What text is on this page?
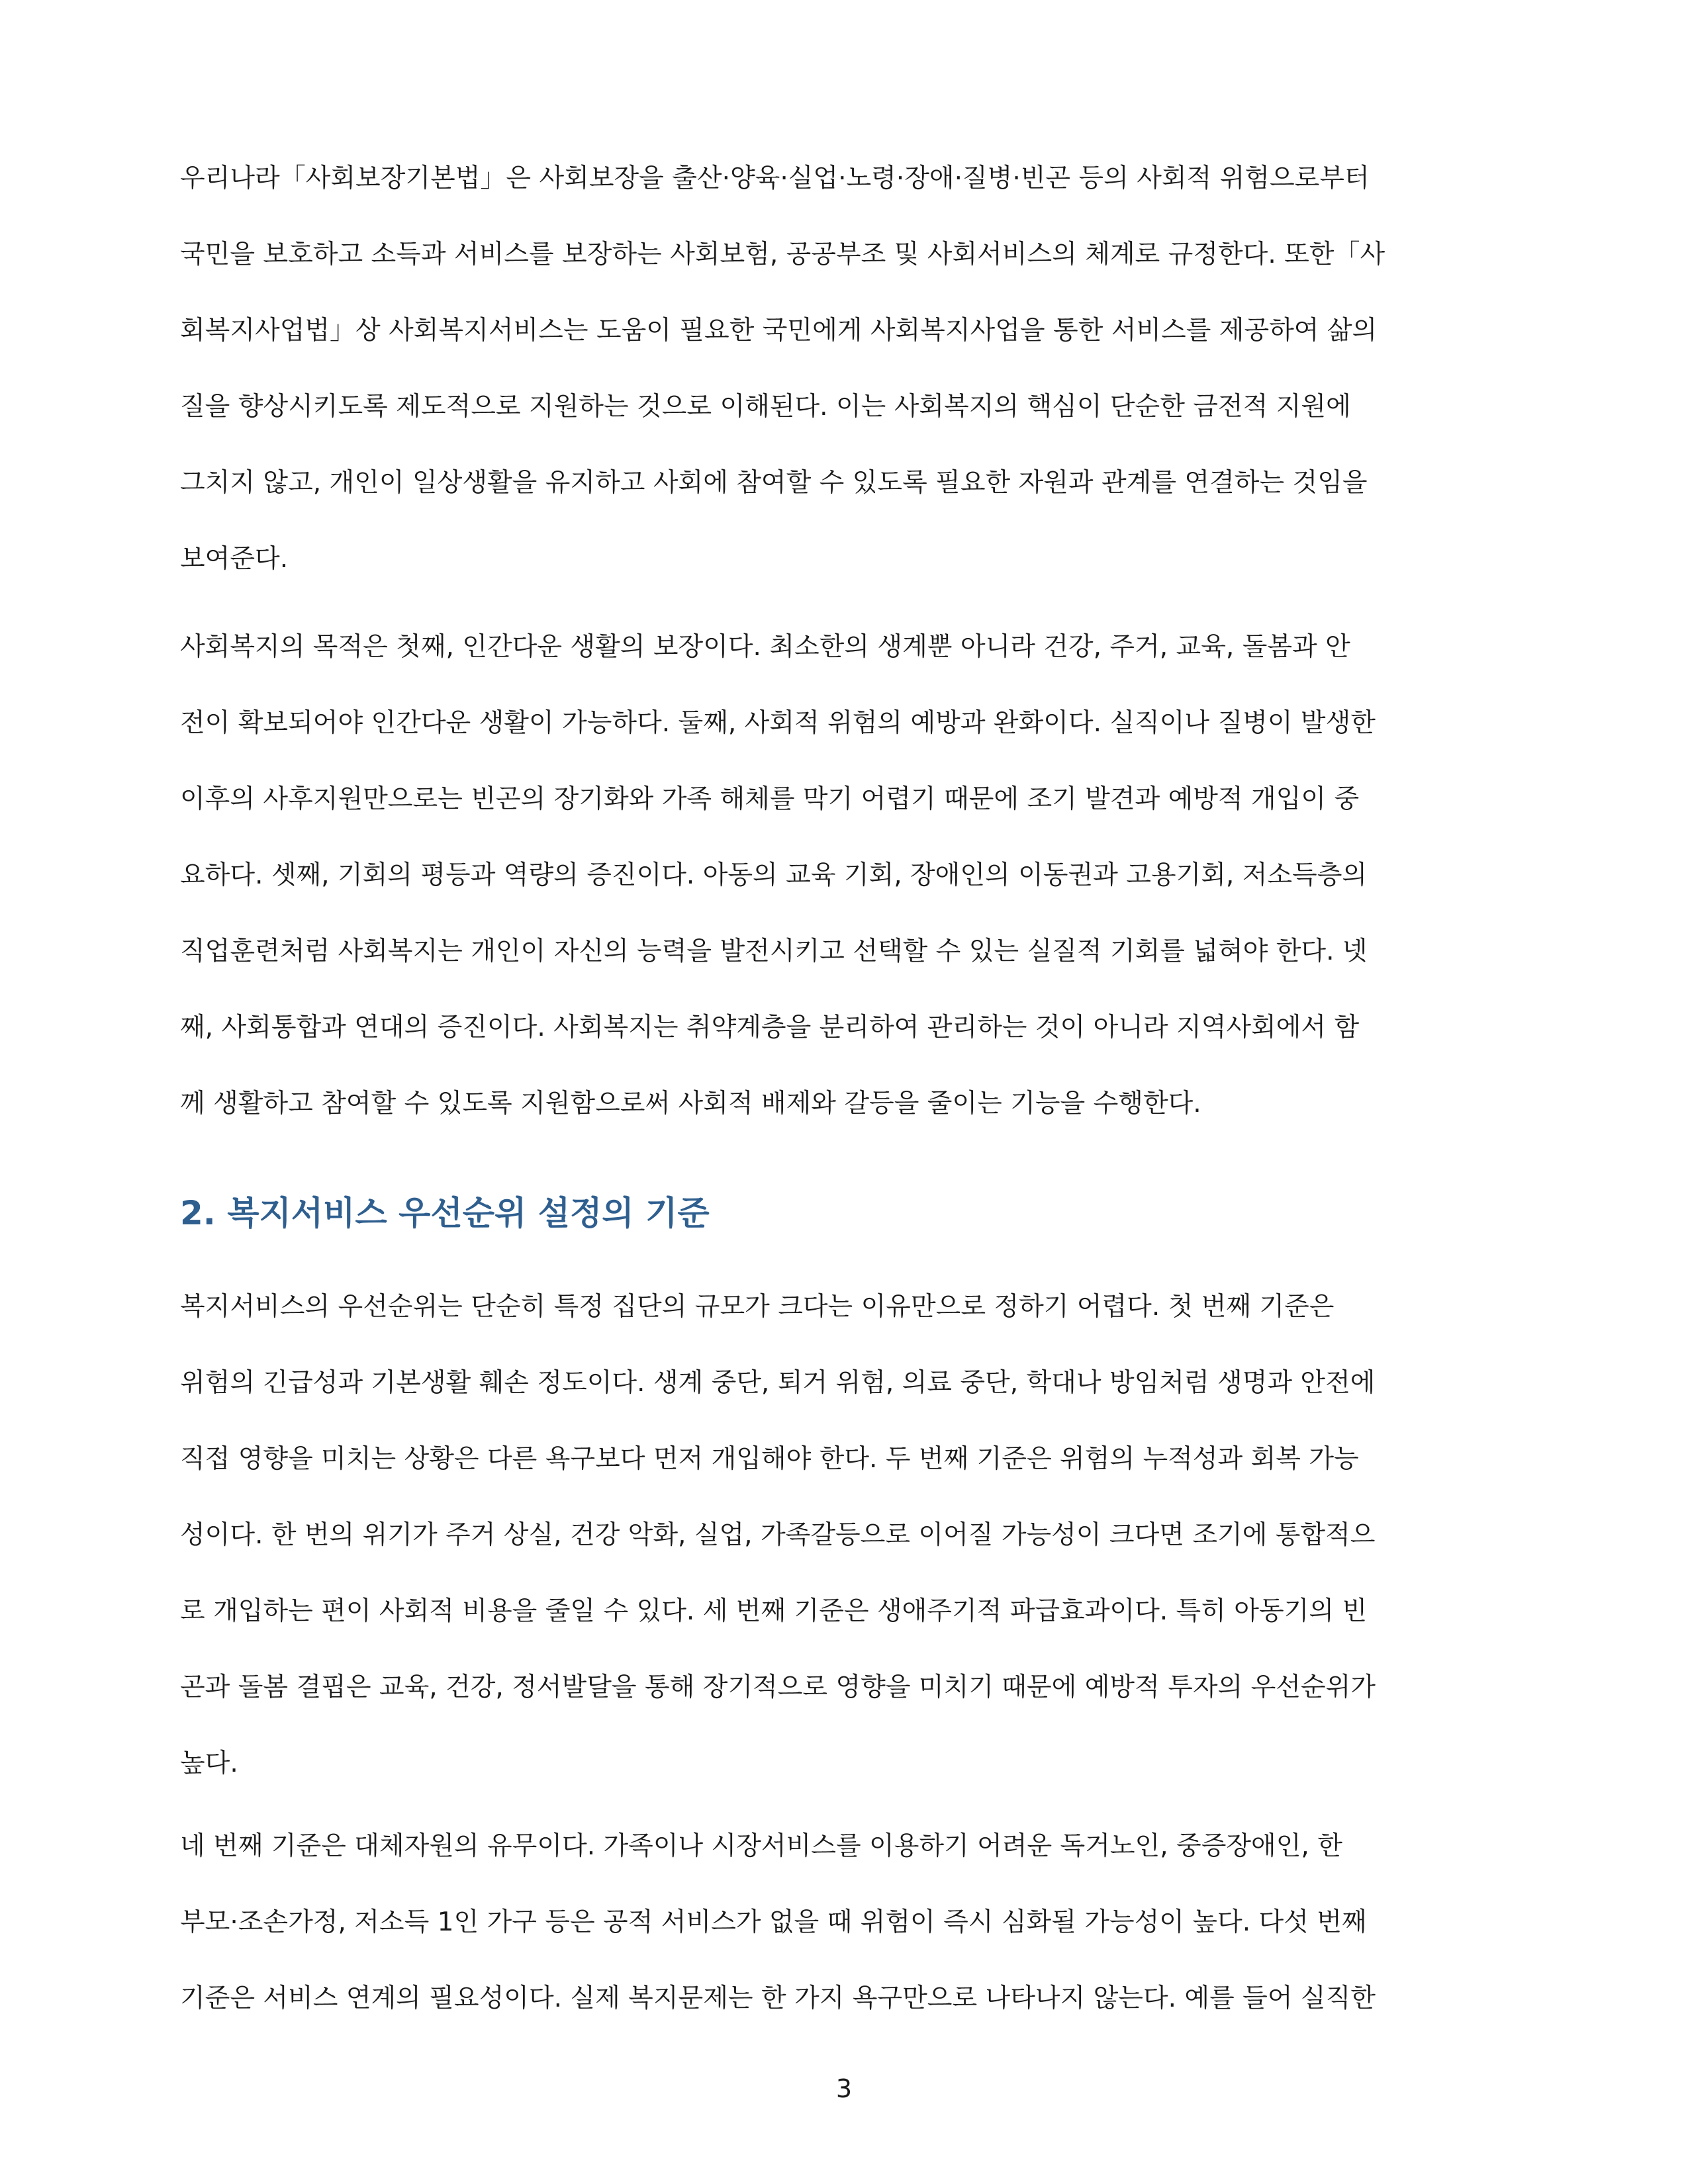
우리나라「사회보장기본법」은 사회보장을 출산·양육·실업·노령·장애·질병·빈곤 등의 사회적 위험으로부터
국민을 보호하고 소득과 서비스를 보장하는 사회보험, 공공부조 및 사회서비스의 체계로 규정한다. 또한「사
회복지사업법」상 사회복지서비스는 도움이 필요한 국민에게 사회복지사업을 통한 서비스를 제공하여 삶의
질을 향상시키도록 제도적으로 지원하는 것으로 이해된다. 이는 사회복지의 핵심이 단순한 금전적 지원에
그치지 않고, 개인이 일상생활을 유지하고 사회에 참여할 수 있도록 필요한 자원과 관계를 연결하는 것임을
보여준다.
사회복지의 목적은 첫째, 인간다운 생활의 보장이다. 최소한의 생계뿐 아니라 건강, 주거, 교육, 돌봄과 안
전이 확보되어야 인간다운 생활이 가능하다. 둘째, 사회적 위험의 예방과 완화이다. 실직이나 질병이 발생한
이후의 사후지원만으로는 빈곤의 장기화와 가족 해체를 막기 어렵기 때문에 조기 발견과 예방적 개입이 중
요하다. 셋째, 기회의 평등과 역량의 증진이다. 아동의 교육 기회, 장애인의 이동권과 고용기회, 저소득층의
직업훈련처럼 사회복지는 개인이 자신의 능력을 발전시키고 선택할 수 있는 실질적 기회를 넓혀야 한다. 넷
째, 사회통합과 연대의 증진이다. 사회복지는 취약계층을 분리하여 관리하는 것이 아니라 지역사회에서 함
께 생활하고 참여할 수 있도록 지원함으로써 사회적 배제와 갈등을 줄이는 기능을 수행한다.
2. 복지서비스 우선순위 설정의 기준
복지서비스의 우선순위는 단순히 특정 집단의 규모가 크다는 이유만으로 정하기 어렵다. 첫 번째 기준은
위험의 긴급성과 기본생활 훼손 정도이다. 생계 중단, 퇴거 위험, 의료 중단, 학대나 방임처럼 생명과 안전에
직접 영향을 미치는 상황은 다른 욕구보다 먼저 개입해야 한다. 두 번째 기준은 위험의 누적성과 회복 가능
성이다. 한 번의 위기가 주거 상실, 건강 악화, 실업, 가족갈등으로 이어질 가능성이 크다면 조기에 통합적으
로 개입하는 편이 사회적 비용을 줄일 수 있다. 세 번째 기준은 생애주기적 파급효과이다. 특히 아동기의 빈
곤과 돌봄 결핍은 교육, 건강, 정서발달을 통해 장기적으로 영향을 미치기 때문에 예방적 투자의 우선순위가
높다.
네 번째 기준은 대체자원의 유무이다. 가족이나 시장서비스를 이용하기 어려운 독거노인, 중증장애인, 한
부모·조손가정, 저소득 1인 가구 등은 공적 서비스가 없을 때 위험이 즉시 심화될 가능성이 높다. 다섯 번째
기준은 서비스 연계의 필요성이다. 실제 복지문제는 한 가지 욕구만으로 나타나지 않는다. 예를 들어 실직한
3
